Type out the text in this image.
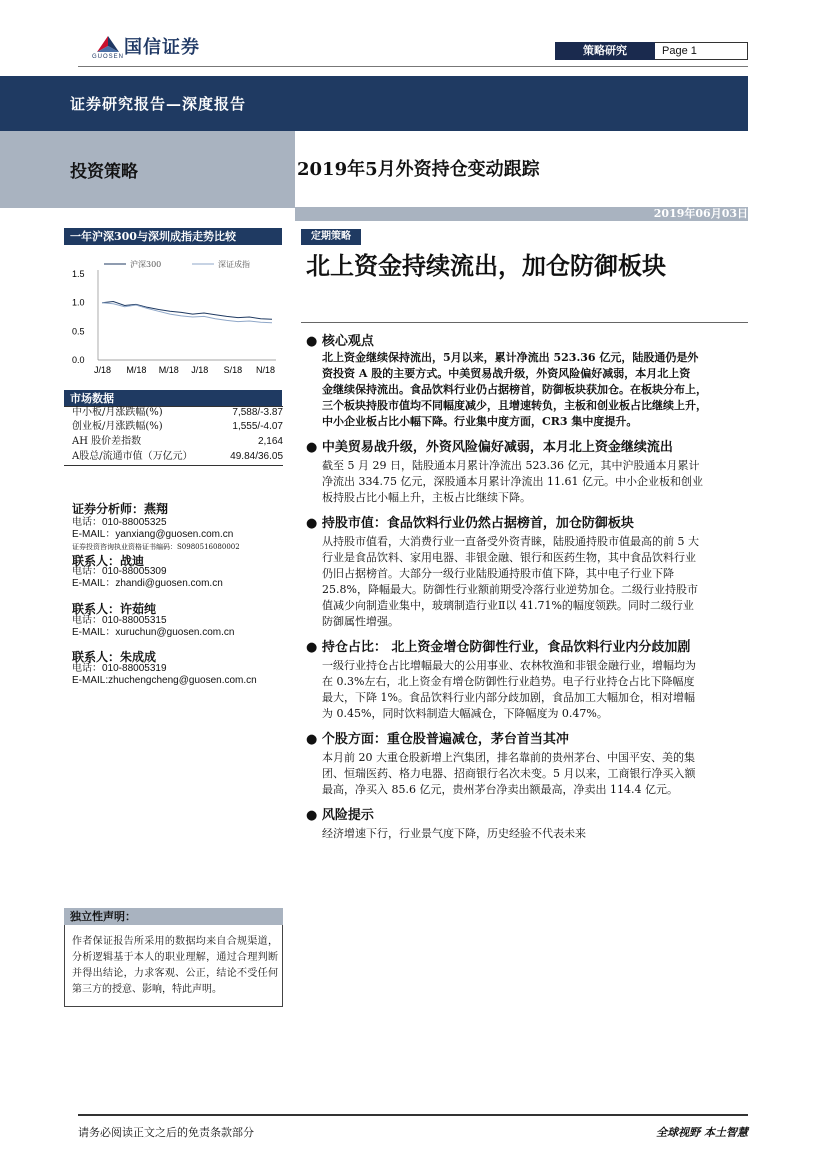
国信证券
GUOSEN	策略研究	Page 1
证券研究报告—深度报告
投资策略	2019年5月外资持仓变动跟踪
2019年06月03日
一年沪深300与深圳成指走势比较
1.5
1.0
0.5
0.0
J/18 M/18 M/18 J/18 S/18 N/18
沪深300	深证成指
市场数据
中小板/月涨跌幅(%)	7,588/-3.87
创业板/月涨跌幅(%)	1,555/-4.07
AH 股价差指数	2,164
A股总/流通市值（万亿元）	49.84/36.05
证券分析师：燕翔
电话：010-88005325
E-MAIL：yanxiang@guosen.com.cn
证券投资咨询执业资格证书编码：S0980516080002
联系人：战迪
电话：010-88005309
E-MAIL：zhandi@guosen.com.cn
联系人：许茹纯
电话：010-88005315
E-MAIL：xuruchun@guosen.com.cn
联系人：朱成成
电话：010-88005319
E-MAIL:zhuchengcheng@guosen.com.cn
独立性声明：
作者保证报告所采用的数据均来自合规渠道，分析逻辑基于本人的职业理解，通过合理判断并得出结论，力求客观、公正，结论不受任何第三方的授意、影响，特此声明。
定期策略
北上资金持续流出，加仓防御板块
● 核心观点
北上资金继续保持流出，5月以来，累计净流出 523.36 亿元，陆股通仍是外
资投资 A 股的主要方式。中美贸易战升级，外资风险偏好减弱，本月北上资
金继续保持流出。食品饮料行业仍占据榜首，防御板块获加仓。在板块分布上，
三个板块持股市值均不同幅度减少，且增速转负，主板和创业板占比继续上升，
中小企业板占比小幅下降。行业集中度方面，CR3 集中度提升。
● 中美贸易战升级，外资风险偏好减弱，本月北上资金继续流出
截至 5 月 29 日，陆股通本月累计净流出 523.36 亿元，其中沪股通本月累计
净流出 334.75 亿元，深股通本月累计净流出 11.61 亿元。中小企业板和创业
板持股占比小幅上升，主板占比继续下降。
● 持股市值：食品饮料行业仍然占据榜首，加仓防御板块
从持股市值看，大消费行业一直备受外资青睐，陆股通持股市值最高的前 5 大
行业是食品饮料、家用电器、非银金融、银行和医药生物，其中食品饮料行业
仍旧占据榜首。大部分一级行业陆股通持股市值下降，其中电子行业下降
25.8%，降幅最大。防御性行业额前期受冷落行业逆势加仓。二级行业持股市
值减少向制造业集中，玻璃制造行业Ⅱ以 41.71%的幅度领跌。同时二级行业
防御属性增强。
● 持仓占比： 北上资金增仓防御性行业，食品饮料行业内分歧加剧
一级行业持仓占比增幅最大的公用事业、农林牧渔和非银金融行业，增幅均为
在 0.3%左右，北上资金有增仓防御性行业趋势。电子行业持仓占比下降幅度
最大，下降 1%。食品饮料行业内部分歧加剧，食品加工大幅加仓，相对增幅
为 0.45%，同时饮料制造大幅减仓，下降幅度为 0.47%。
● 个股方面：重仓股普遍减仓，茅台首当其冲
本月前 20 大重仓股新增上汽集团，排名靠前的贵州茅台、中国平安、美的集
团、恒瑞医药、格力电器、招商银行名次未变。5 月以来，工商银行净买入额
最高，净买入 85.6 亿元，贵州茅台净卖出额最高，净卖出 114.4 亿元。
● 风险提示
经济增速下行，行业景气度下降，历史经验不代表未来
请务必阅读正文之后的免责条款部分	全球视野 本土智慧
